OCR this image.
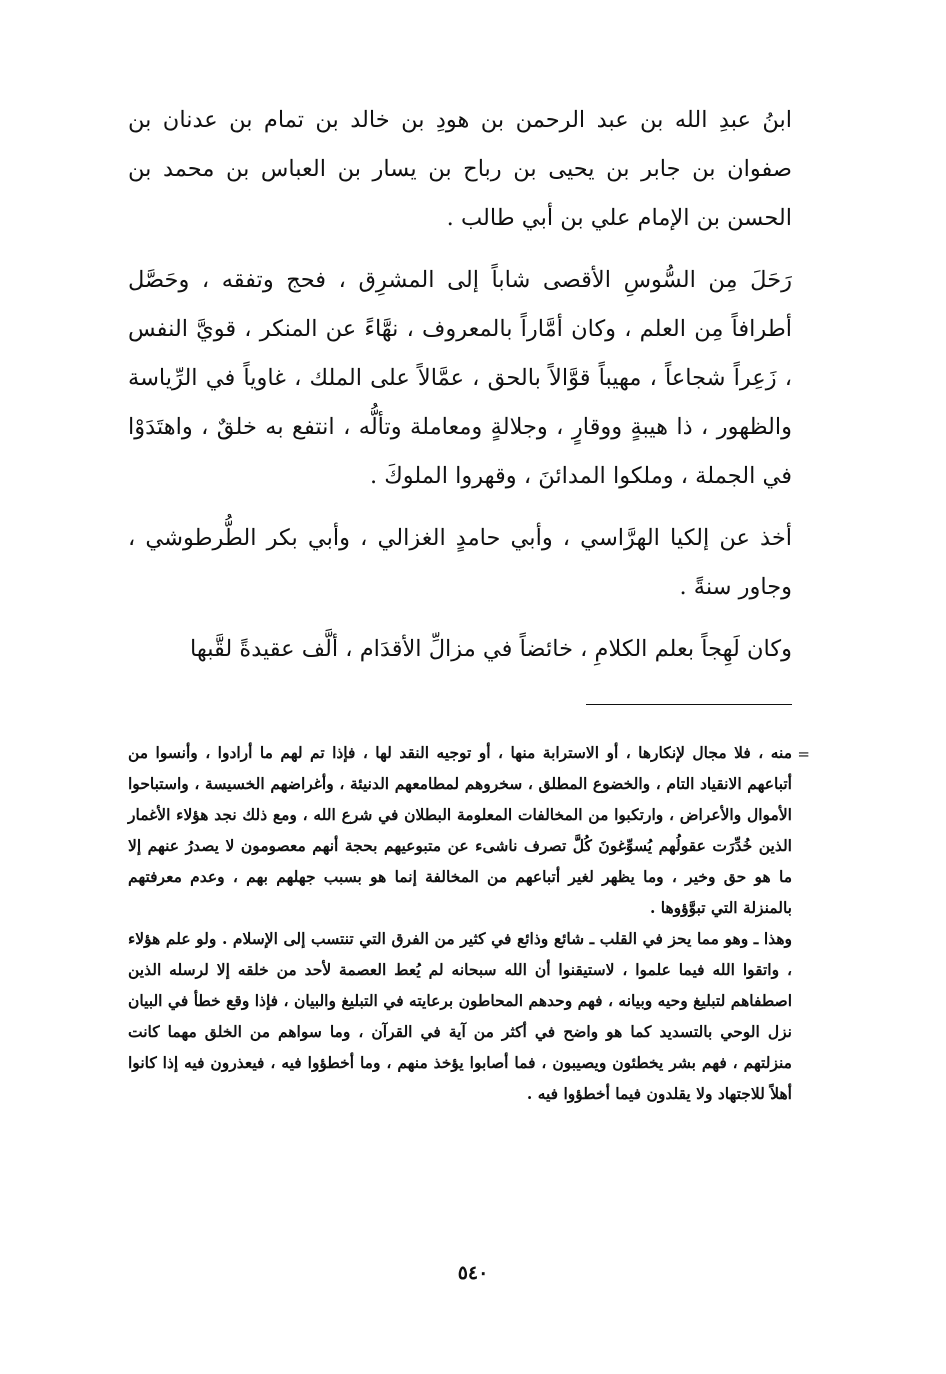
ابنُ عبدِ الله بن عبد الرحمن بن هودِ بن خالد بن تمام بن عدنان بن صفوان بن جابر بن يحيى بن رباح بن يسار بن العباس بن محمد بن الحسن بن الإمام علي بن أبي طالب .

رَحَلَ مِن السُّوسِ الأقصى شاباً إلى المشرِق ، فحج وتفقه ، وحَصَّل أطرافاً مِن العلم ، وكان أمَّاراً بالمعروف ، نهَّاءً عن المنكر ، قويَّ النفس ، زَعِراً شجاعاً ، مهيباً قوَّالاً بالحق ، عمَّالاً على الملك ، غاوياً في الرِّياسة والظهور ، ذا هيبةٍ ووقارٍ ، وجلالةٍ ومعاملة وتألُّه ، انتفع به خلقٌ ، واهتَدَوْا في الجملة ، وملكوا المدائنَ ، وقهروا الملوكَ .

أخذ عن إلكيا الهرَّاسي ، وأبي حامدٍ الغزالي ، وأبي بكر الطُّرطوشي ، وجاور سنةً .

وكان لَهِجاً بعلم الكلامِ ، خائضاً في مزالِّ الأقدَام ، ألَّف عقيدةً لقَّبها

=

منه ، فلا مجال لإنكارها ، أو الاسترابة منها ، أو توجيه النقد لها ، فإذا تم لهم ما أرادوا ، وأنسوا من أتباعهم الانقياد التام ، والخضوع المطلق ، سخروهم لمطامعهم الدنيئة ، وأغراضهم الخسيسة ، واستباحوا الأموال والأعراض ، وارتكبوا من المخالفات المعلومة البطلان في شرع الله ، ومع ذلك نجد هؤلاء الأغمار الذين خُدِّرَت عقولُهم يُسوِّغونَ كُلَّ تصرف ناشىء عن متبوعيهم بحجة أنهم معصومون لا يصدرُ عنهم إلا ما هو حق وخير ، وما يظهر لغير أتباعهم من المخالفة إنما هو بسبب جهلهم بهم ، وعدم معرفتهم بالمنزلة التي تبوَّؤوها .

وهذا ـ وهو مما يحز في القلب ـ شائع وذائع في كثير من الفرق التي تنتسب إلى الإسلام . ولو علم هؤلاء ، واتقوا الله فيما علموا ، لاستيقنوا أن الله سبحانه لم يُعط العصمة لأحد من خلقه إلا لرسله الذين اصطفاهم لتبليغ وحيه وبيانه ، فهم وحدهم المحاطون برعايته في التبليغ والبيان ، فإذا وقع خطأ في البيان نزل الوحي بالتسديد كما هو واضح في أكثر من آية في القرآن ، وما سواهم من الخلق مهما كانت منزلتهم ، فهم بشر يخطئون ويصيبون ، فما أصابوا يؤخذ منهم ، وما أخطؤوا فيه ، فيعذرون فيه إذا كانوا أهلاً للاجتهاد ولا يقلدون فيما أخطؤوا فيه .

٥٤٠
